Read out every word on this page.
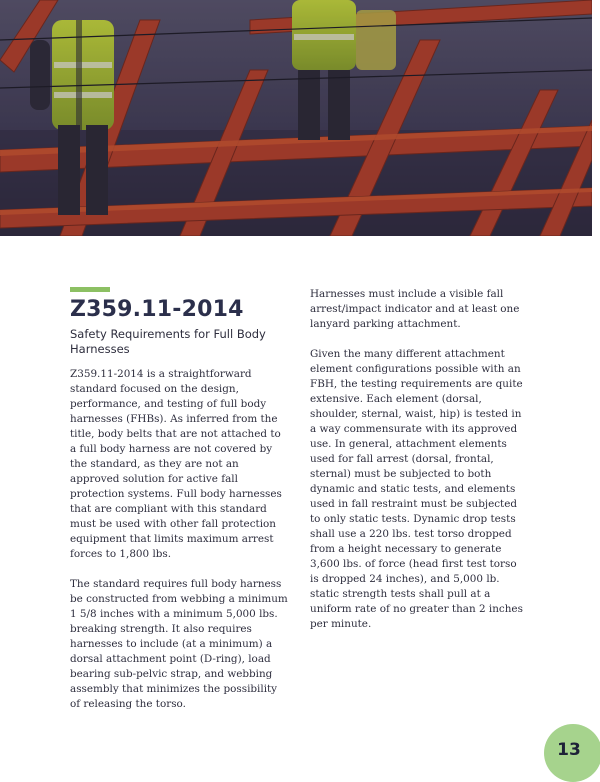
Z359.11-2014

Safety Requirements for Full Body Harnesses

Z359.11-2014 is a straightforward standard focused on the design, performance, and testing of full body harnesses (FHBs). As inferred from the title, body belts that are not attached to a full body harness are not covered by the standard, as they are not an approved solution for active fall protection systems. Full body harnesses that are compliant with this standard must be used with other fall protection equipment that limits maximum arrest forces to 1,800 lbs.

The standard requires full body harness be constructed from webbing a minimum 1 5/8 inches with a minimum 5,000 lbs. breaking strength. It also requires harnesses to include (at a minimum) a dorsal attachment point (D-ring), load bearing sub-pelvic strap, and webbing assembly that minimizes the possibility of releasing the torso.

Harnesses must include a visible fall arrest/impact indicator and at least one lanyard parking attachment.

Given the many different attachment element configurations possible with an FBH, the testing requirements are quite extensive. Each element (dorsal, shoulder, sternal, waist, hip) is tested in a way commensurate with its approved use. In general, attachment elements used for fall arrest (dorsal, frontal, sternal) must be subjected to both dynamic and static tests, and elements used in fall restraint must be subjected to only static tests. Dynamic drop tests shall use a 220 lbs. test torso dropped from a height necessary to generate 3,600 lbs. of force (head first test torso is dropped 24 inches), and 5,000 lb. static strength tests shall pull at a uniform rate of no greater than 2 inches per minute.

13
